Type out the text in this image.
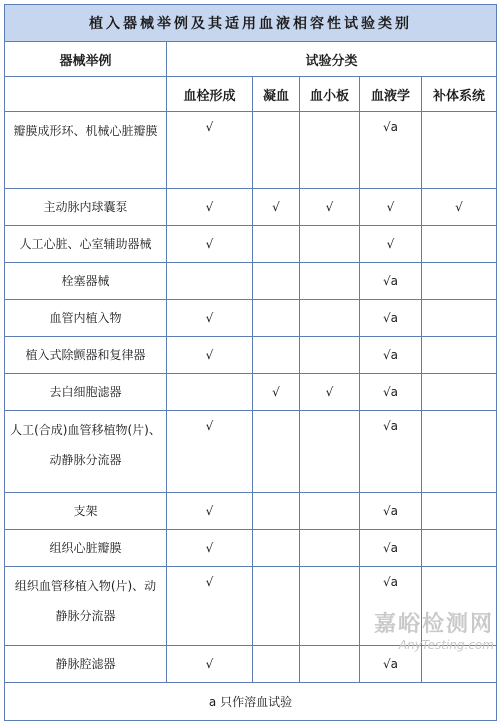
植入器械举例及其适用血液相容性试验类别					
器械举例	试验分类				
	血栓形成	凝血	血小板	血液学	补体系统
瓣膜成形环、机械心脏瓣膜	√			√a	
主动脉内球囊泵	√	√	√	√	√
人工心脏、心室辅助器械	√			√	
栓塞器械				√a	
血管内植入物	√			√a	
植入式除颤器和复律器	√			√a	
去白细胞滤器		√	√	√a	
人工(合成)血管移植物(片)、动静脉分流器	√			√a	
支架	√			√a	
组织心脏瓣膜	√			√a	
组织血管移植入物(片)、动静脉分流器	√			√a	
静脉腔滤器	√			√a	
a 只作溶血试验					
嘉峪检测网
AnyTesting.com
